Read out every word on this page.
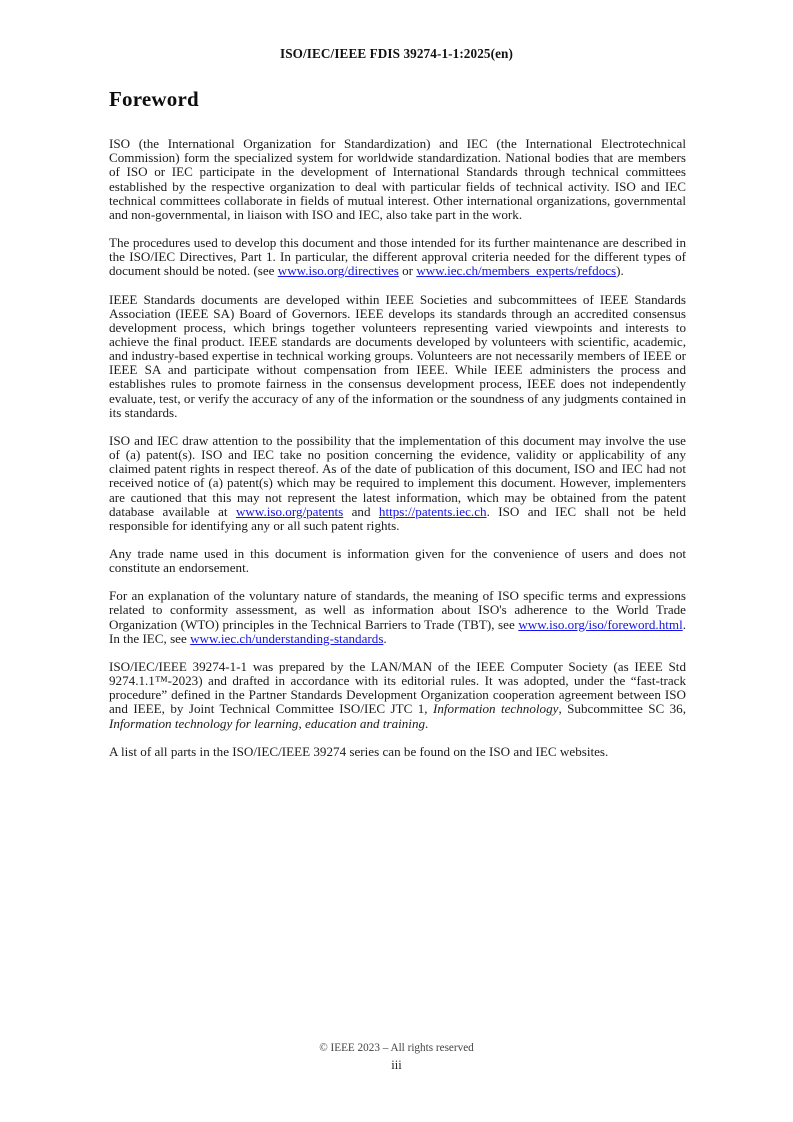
ISO/IEC/IEEE FDIS 39274-1-1:2025(en)
Foreword

ISO (the International Organization for Standardization) and IEC (the International Electrotechnical Commission) form the specialized system for worldwide standardization. National bodies that are members of ISO or IEC participate in the development of International Standards through technical committees established by the respective organization to deal with particular fields of technical activity. ISO and IEC technical committees collaborate in fields of mutual interest. Other international organizations, governmental and non-governmental, in liaison with ISO and IEC, also take part in the work.

The procedures used to develop this document and those intended for its further maintenance are described in the ISO/IEC Directives, Part 1. In particular, the different approval criteria needed for the different types of document should be noted. (see www.iso.org/directives or www.iec.ch/members_experts/refdocs).

IEEE Standards documents are developed within IEEE Societies and subcommittees of IEEE Standards Association (IEEE SA) Board of Governors. IEEE develops its standards through an accredited consensus development process, which brings together volunteers representing varied viewpoints and interests to achieve the final product. IEEE standards are documents developed by volunteers with scientific, academic, and industry-based expertise in technical working groups. Volunteers are not necessarily members of IEEE or IEEE SA and participate without compensation from IEEE. While IEEE administers the process and establishes rules to promote fairness in the consensus development process, IEEE does not independently evaluate, test, or verify the accuracy of any of the information or the soundness of any judgments contained in its standards.

ISO and IEC draw attention to the possibility that the implementation of this document may involve the use of (a) patent(s). ISO and IEC take no position concerning the evidence, validity or applicability of any claimed patent rights in respect thereof. As of the date of publication of this document, ISO and IEC had not received notice of (a) patent(s) which may be required to implement this document. However, implementers are cautioned that this may not represent the latest information, which may be obtained from the patent database available at www.iso.org/patents and https://patents.iec.ch. ISO and IEC shall not be held responsible for identifying any or all such patent rights.

Any trade name used in this document is information given for the convenience of users and does not constitute an endorsement.

For an explanation of the voluntary nature of standards, the meaning of ISO specific terms and expressions related to conformity assessment, as well as information about ISO's adherence to the World Trade Organization (WTO) principles in the Technical Barriers to Trade (TBT), see www.iso.org/iso/foreword.html. In the IEC, see www.iec.ch/understanding-standards.

ISO/IEC/IEEE 39274-1-1 was prepared by the LAN/MAN of the IEEE Computer Society (as IEEE Std 9274.1.1™-2023) and drafted in accordance with its editorial rules. It was adopted, under the “fast-track procedure” defined in the Partner Standards Development Organization cooperation agreement between ISO and IEEE, by Joint Technical Committee ISO/IEC JTC 1, Information technology, Subcommittee SC 36, Information technology for learning, education and training.

A list of all parts in the ISO/IEC/IEEE 39274 series can be found on the ISO and IEC websites.

© IEEE 2023 – All rights reserved
iii
